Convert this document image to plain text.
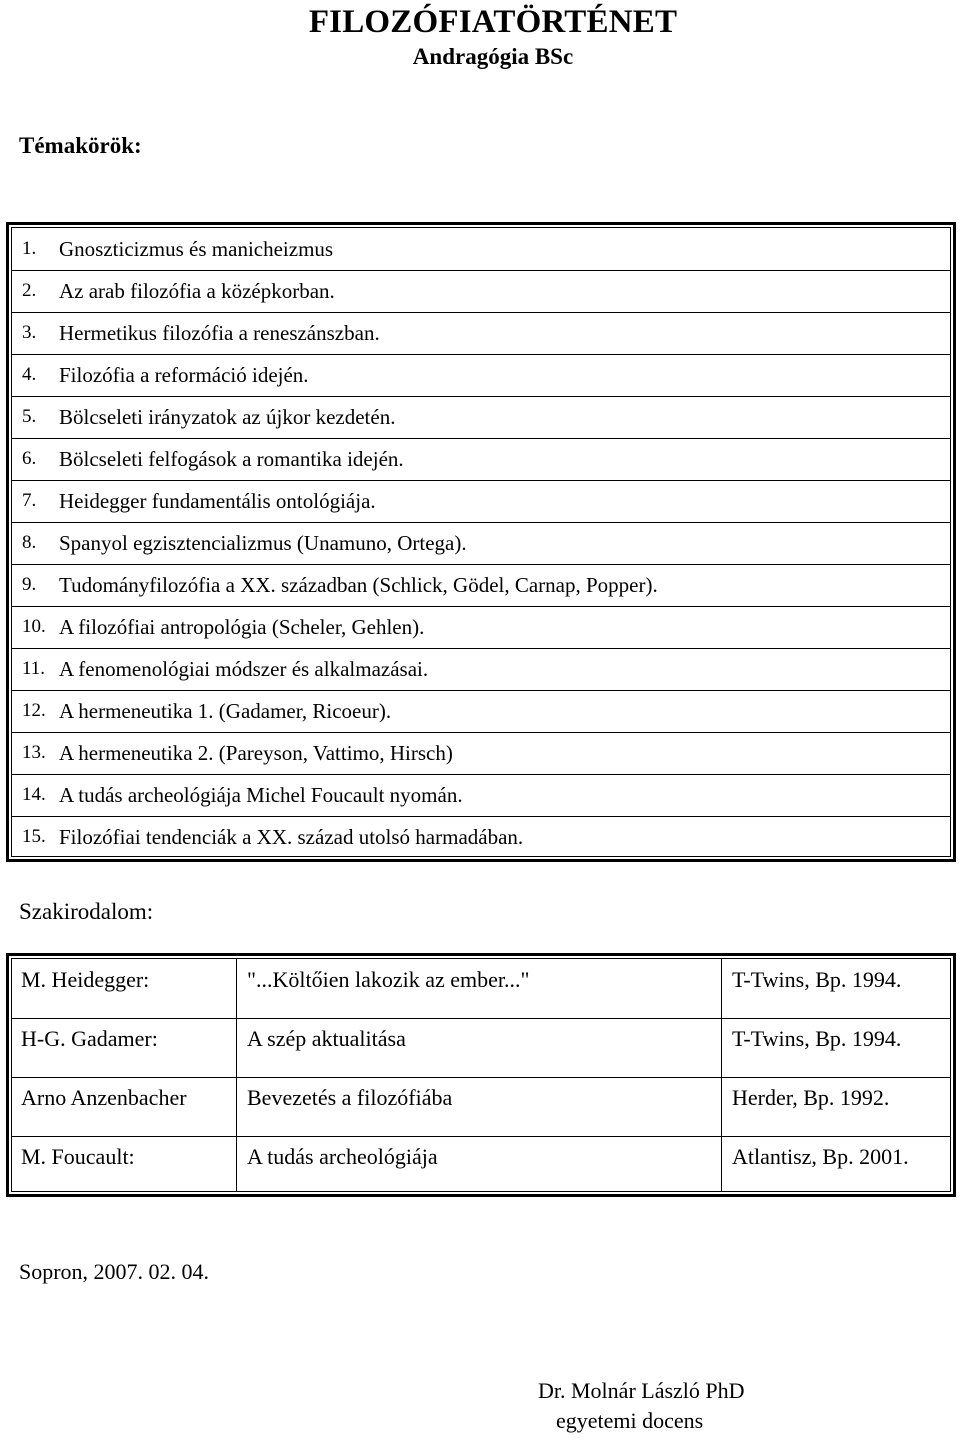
FILOZÓFIATÖRTÉNET
Andragógia BSc
Témakörök:
1. Gnoszticizmus és manicheizmus
2. Az arab filozófia a középkorban.
3. Hermetikus filozófia a reneszánszban.
4. Filozófia a reformáció idején.
5. Bölcseleti irányzatok az újkor kezdetén.
6. Bölcseleti felfogások a romantika idején.
7. Heidegger fundamentális ontológiája.
8. Spanyol egzisztencializmus (Unamuno, Ortega).
9. Tudományfilozófia a XX. században (Schlick, Gödel, Carnap, Popper).
10. A filozófiai antropológia (Scheler, Gehlen).
11. A fenomenológiai módszer és alkalmazásai.
12. A hermeneutika 1. (Gadamer, Ricoeur).
13. A hermeneutika 2. (Pareyson, Vattimo, Hirsch)
14. A tudás archeológiája Michel Foucault nyomán.
15. Filozófiai tendenciák a XX. század utolsó harmadában.
Szakirodalom:
M. Heidegger:	"...Költőien lakozik az ember..."	T-Twins, Bp. 1994.
H-G. Gadamer:	A szép aktualitása	T-Twins, Bp. 1994.
Arno Anzenbacher	Bevezetés a filozófiába	Herder, Bp. 1992.
M. Foucault:	A tudás archeológiája	Atlantisz, Bp. 2001.
Sopron, 2007. 02. 04.
Dr. Molnár László PhD
egyetemi docens
